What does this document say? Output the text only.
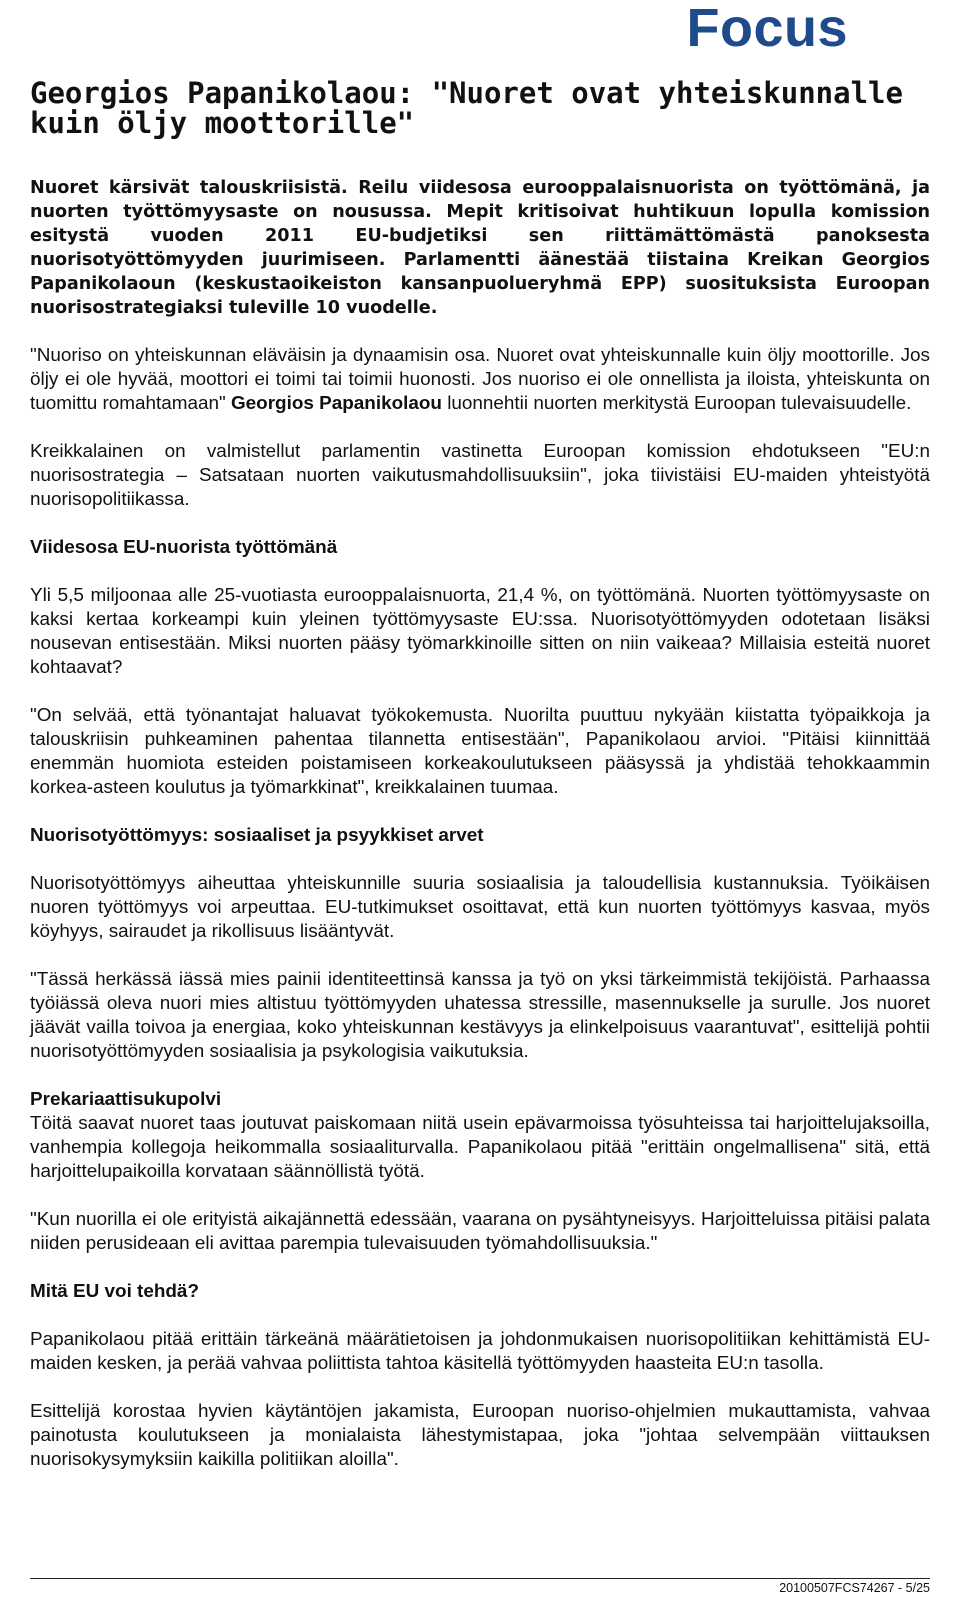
Focus
Georgios Papanikolaou: "Nuoret ovat yhteiskunnalle kuin öljy moottorille"

Nuoret kärsivät talouskriisistä. Reilu viidesosa eurooppalaisnuorista on työttömänä, ja nuorten työttömyysaste on nousussa. Mepit kritisoivat huhtikuun lopulla komission esitystä vuoden 2011 EU-budjetiksi sen riittämättömästä panoksesta nuorisotyöttömyyden juurimiseen. Parlamentti äänestää tiistaina Kreikan Georgios Papanikolaoun (keskustaoikeiston kansanpuolueryhmä EPP) suosituksista Euroopan nuorisostrategiaksi tuleville 10 vuodelle.

"Nuoriso on yhteiskunnan eläväisin ja dynaamisin osa. Nuoret ovat yhteiskunnalle kuin öljy moottorille. Jos öljy ei ole hyvää, moottori ei toimi tai toimii huonosti. Jos nuoriso ei ole onnellista ja iloista, yhteiskunta on tuomittu romahtamaan" Georgios Papanikolaou luonnehtii nuorten merkitystä Euroopan tulevaisuudelle.

Kreikkalainen on valmistellut parlamentin vastinetta Euroopan komission ehdotukseen "EU:n nuorisostrategia – Satsataan nuorten vaikutusmahdollisuuksiin", joka tiivistäisi EU-maiden yhteistyötä nuorisopolitiikassa.

Viidesosa EU-nuorista työttömänä

Yli 5,5 miljoonaa alle 25-vuotiasta eurooppalaisnuorta, 21,4 %, on työttömänä. Nuorten työttömyysaste on kaksi kertaa korkeampi kuin yleinen työttömyysaste EU:ssa. Nuorisotyöttömyyden odotetaan lisäksi nousevan entisestään. Miksi nuorten pääsy työmarkkinoille sitten on niin vaikeaa? Millaisia esteitä nuoret kohtaavat?

"On selvää, että työnantajat haluavat työkokemusta. Nuorilta puuttuu nykyään kiistatta työpaikkoja ja talouskriisin puhkeaminen pahentaa tilannetta entisestään", Papanikolaou arvioi. "Pitäisi kiinnittää enemmän huomiota esteiden poistamiseen korkeakoulutukseen pääsyssä ja yhdistää tehokkaammin korkea-asteen koulutus ja työmarkkinat", kreikkalainen tuumaa.

Nuorisotyöttömyys: sosiaaliset ja psyykkiset arvet

Nuorisotyöttömyys aiheuttaa yhteiskunnille suuria sosiaalisia ja taloudellisia kustannuksia. Työikäisen nuoren työttömyys voi arpeuttaa. EU-tutkimukset osoittavat, että kun nuorten työttömyys kasvaa, myös köyhyys, sairaudet ja rikollisuus lisääntyvät.

"Tässä herkässä iässä mies painii identiteettinsä kanssa ja työ on yksi tärkeimmistä tekijöistä. Parhaassa työiässä oleva nuori mies altistuu työttömyyden uhatessa stressille, masennukselle ja surulle. Jos nuoret jäävät vailla toivoa ja energiaa, koko yhteiskunnan kestävyys ja elinkelpoisuus vaarantuvat", esittelijä pohtii nuorisotyöttömyyden sosiaalisia ja psykologisia vaikutuksia.

Prekariaattisukupolvi

Töitä saavat nuoret taas joutuvat paiskomaan niitä usein epävarmoissa työsuhteissa tai harjoittelujaksoilla, vanhempia kollegoja heikommalla sosiaaliturvalla. Papanikolaou pitää "erittäin ongelmallisena" sitä, että harjoittelupaikoilla korvataan säännöllistä työtä.

"Kun nuorilla ei ole erityistä aikajännettä edessään, vaarana on pysähtyneisyys. Harjoitteluissa pitäisi palata niiden perusideaan eli avittaa parempia tulevaisuuden työmahdollisuuksia."

Mitä EU voi tehdä?

Papanikolaou pitää erittäin tärkeänä määrätietoisen ja johdonmukaisen nuorisopolitiikan kehittämistä EU-maiden kesken, ja perää vahvaa poliittista tahtoa käsitellä työttömyyden haasteita EU:n tasolla.

Esittelijä korostaa hyvien käytäntöjen jakamista, Euroopan nuoriso-ohjelmien mukauttamista, vahvaa painotusta koulutukseen ja monialaista lähestymistapaa, joka "johtaa selvempään viittauksen nuorisokysymyksiin kaikilla politiikan aloilla".

20100507FCS74267 - 5/25
